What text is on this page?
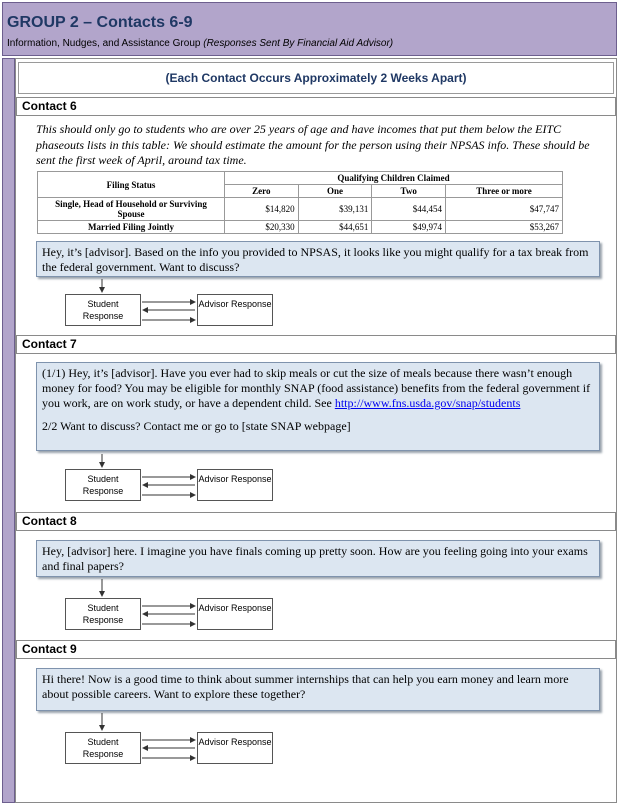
GROUP 2 – Contacts 6-9
Information, Nudges, and Assistance Group (Responses Sent By Financial Aid Advisor)
(Each Contact Occurs Approximately 2 Weeks Apart)
Contact 6
This should only go to students who are over 25 years of age and have incomes that put them below the EITC phaseouts lists in this table: We should estimate the amount for the person using their NPSAS info. These should be sent the first week of April, around tax time.
Filing Status	Qualifying Children Claimed			
	Zero	One	Two	Three or more
Single, Head of Household or Surviving Spouse	$14,820	$39,131	$44,454	$47,747
Married Filing Jointly	$20,330	$44,651	$49,974	$53,267
Hey, it’s [advisor]. Based on the info you provided to NPSAS, it looks like you might qualify for a tax break from the federal government. Want to discuss?
Student Response
Advisor Response
Contact 7
(1/1) Hey, it’s [advisor]. Have you ever had to skip meals or cut the size of meals because there wasn’t enough money for food? You may be eligible for monthly SNAP (food assistance) benefits from the federal government if you work, are on work study, or have a dependent child. See http://www.fns.usda.gov/snap/students
2/2 Want to discuss? Contact me or go to [state SNAP webpage]
Student Response
Advisor Response
Contact 8
Hey, [advisor] here. I imagine you have finals coming up pretty soon. How are you feeling going into your exams and final papers?
Student Response
Advisor Response
Contact 9
Hi there! Now is a good time to think about summer internships that can help you earn money and learn more about possible careers. Want to explore these together?
Student Response
Advisor Response
